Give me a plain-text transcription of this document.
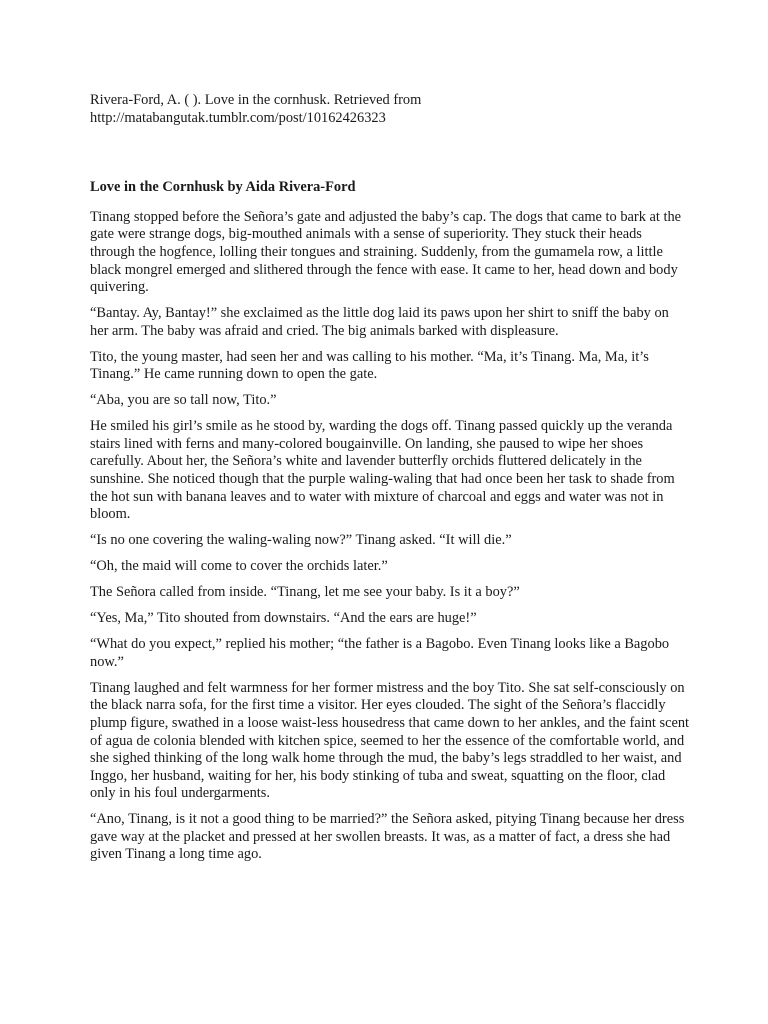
Rivera-Ford, A. ( ). Love in the cornhusk. Retrieved from
http://matabangutak.tumblr.com/post/10162426323

Love in the Cornhusk by Aida Rivera-Ford

Tinang stopped before the Señora’s gate and adjusted the baby’s cap. The dogs that came to bark at the gate were strange dogs, big-mouthed animals with a sense of superiority. They stuck their heads through the hogfence, lolling their tongues and straining. Suddenly, from the gumamela row, a little black mongrel emerged and slithered through the fence with ease. It came to her, head down and body quivering.

“Bantay. Ay, Bantay!” she exclaimed as the little dog laid its paws upon her shirt to sniff the baby on her arm. The baby was afraid and cried. The big animals barked with displeasure.

Tito, the young master, had seen her and was calling to his mother. “Ma, it’s Tinang. Ma, Ma, it’s Tinang.” He came running down to open the gate.

“Aba, you are so tall now, Tito.”

He smiled his girl’s smile as he stood by, warding the dogs off. Tinang passed quickly up the veranda stairs lined with ferns and many-colored bougainville. On landing, she paused to wipe her shoes carefully. About her, the Señora’s white and lavender butterfly orchids fluttered delicately in the sunshine. She noticed though that the purple waling-waling that had once been her task to shade from the hot sun with banana leaves and to water with mixture of charcoal and eggs and water was not in bloom.

“Is no one covering the waling-waling now?” Tinang asked. “It will die.”

“Oh, the maid will come to cover the orchids later.”

The Señora called from inside. “Tinang, let me see your baby. Is it a boy?”

“Yes, Ma,” Tito shouted from downstairs. “And the ears are huge!”

“What do you expect,” replied his mother; “the father is a Bagobo. Even Tinang looks like a Bagobo now.”

Tinang laughed and felt warmness for her former mistress and the boy Tito. She sat self-consciously on the black narra sofa, for the first time a visitor. Her eyes clouded. The sight of the Señora’s flaccidly plump figure, swathed in a loose waist-less housedress that came down to her ankles, and the faint scent of agua de colonia blended with kitchen spice, seemed to her the essence of the comfortable world, and she sighed thinking of the long walk home through the mud, the baby’s legs straddled to her waist, and Inggo, her husband, waiting for her, his body stinking of tuba and sweat, squatting on the floor, clad only in his foul undergarments.

“Ano, Tinang, is it not a good thing to be married?” the Señora asked, pitying Tinang because her dress gave way at the placket and pressed at her swollen breasts. It was, as a matter of fact, a dress she had given Tinang a long time ago.
